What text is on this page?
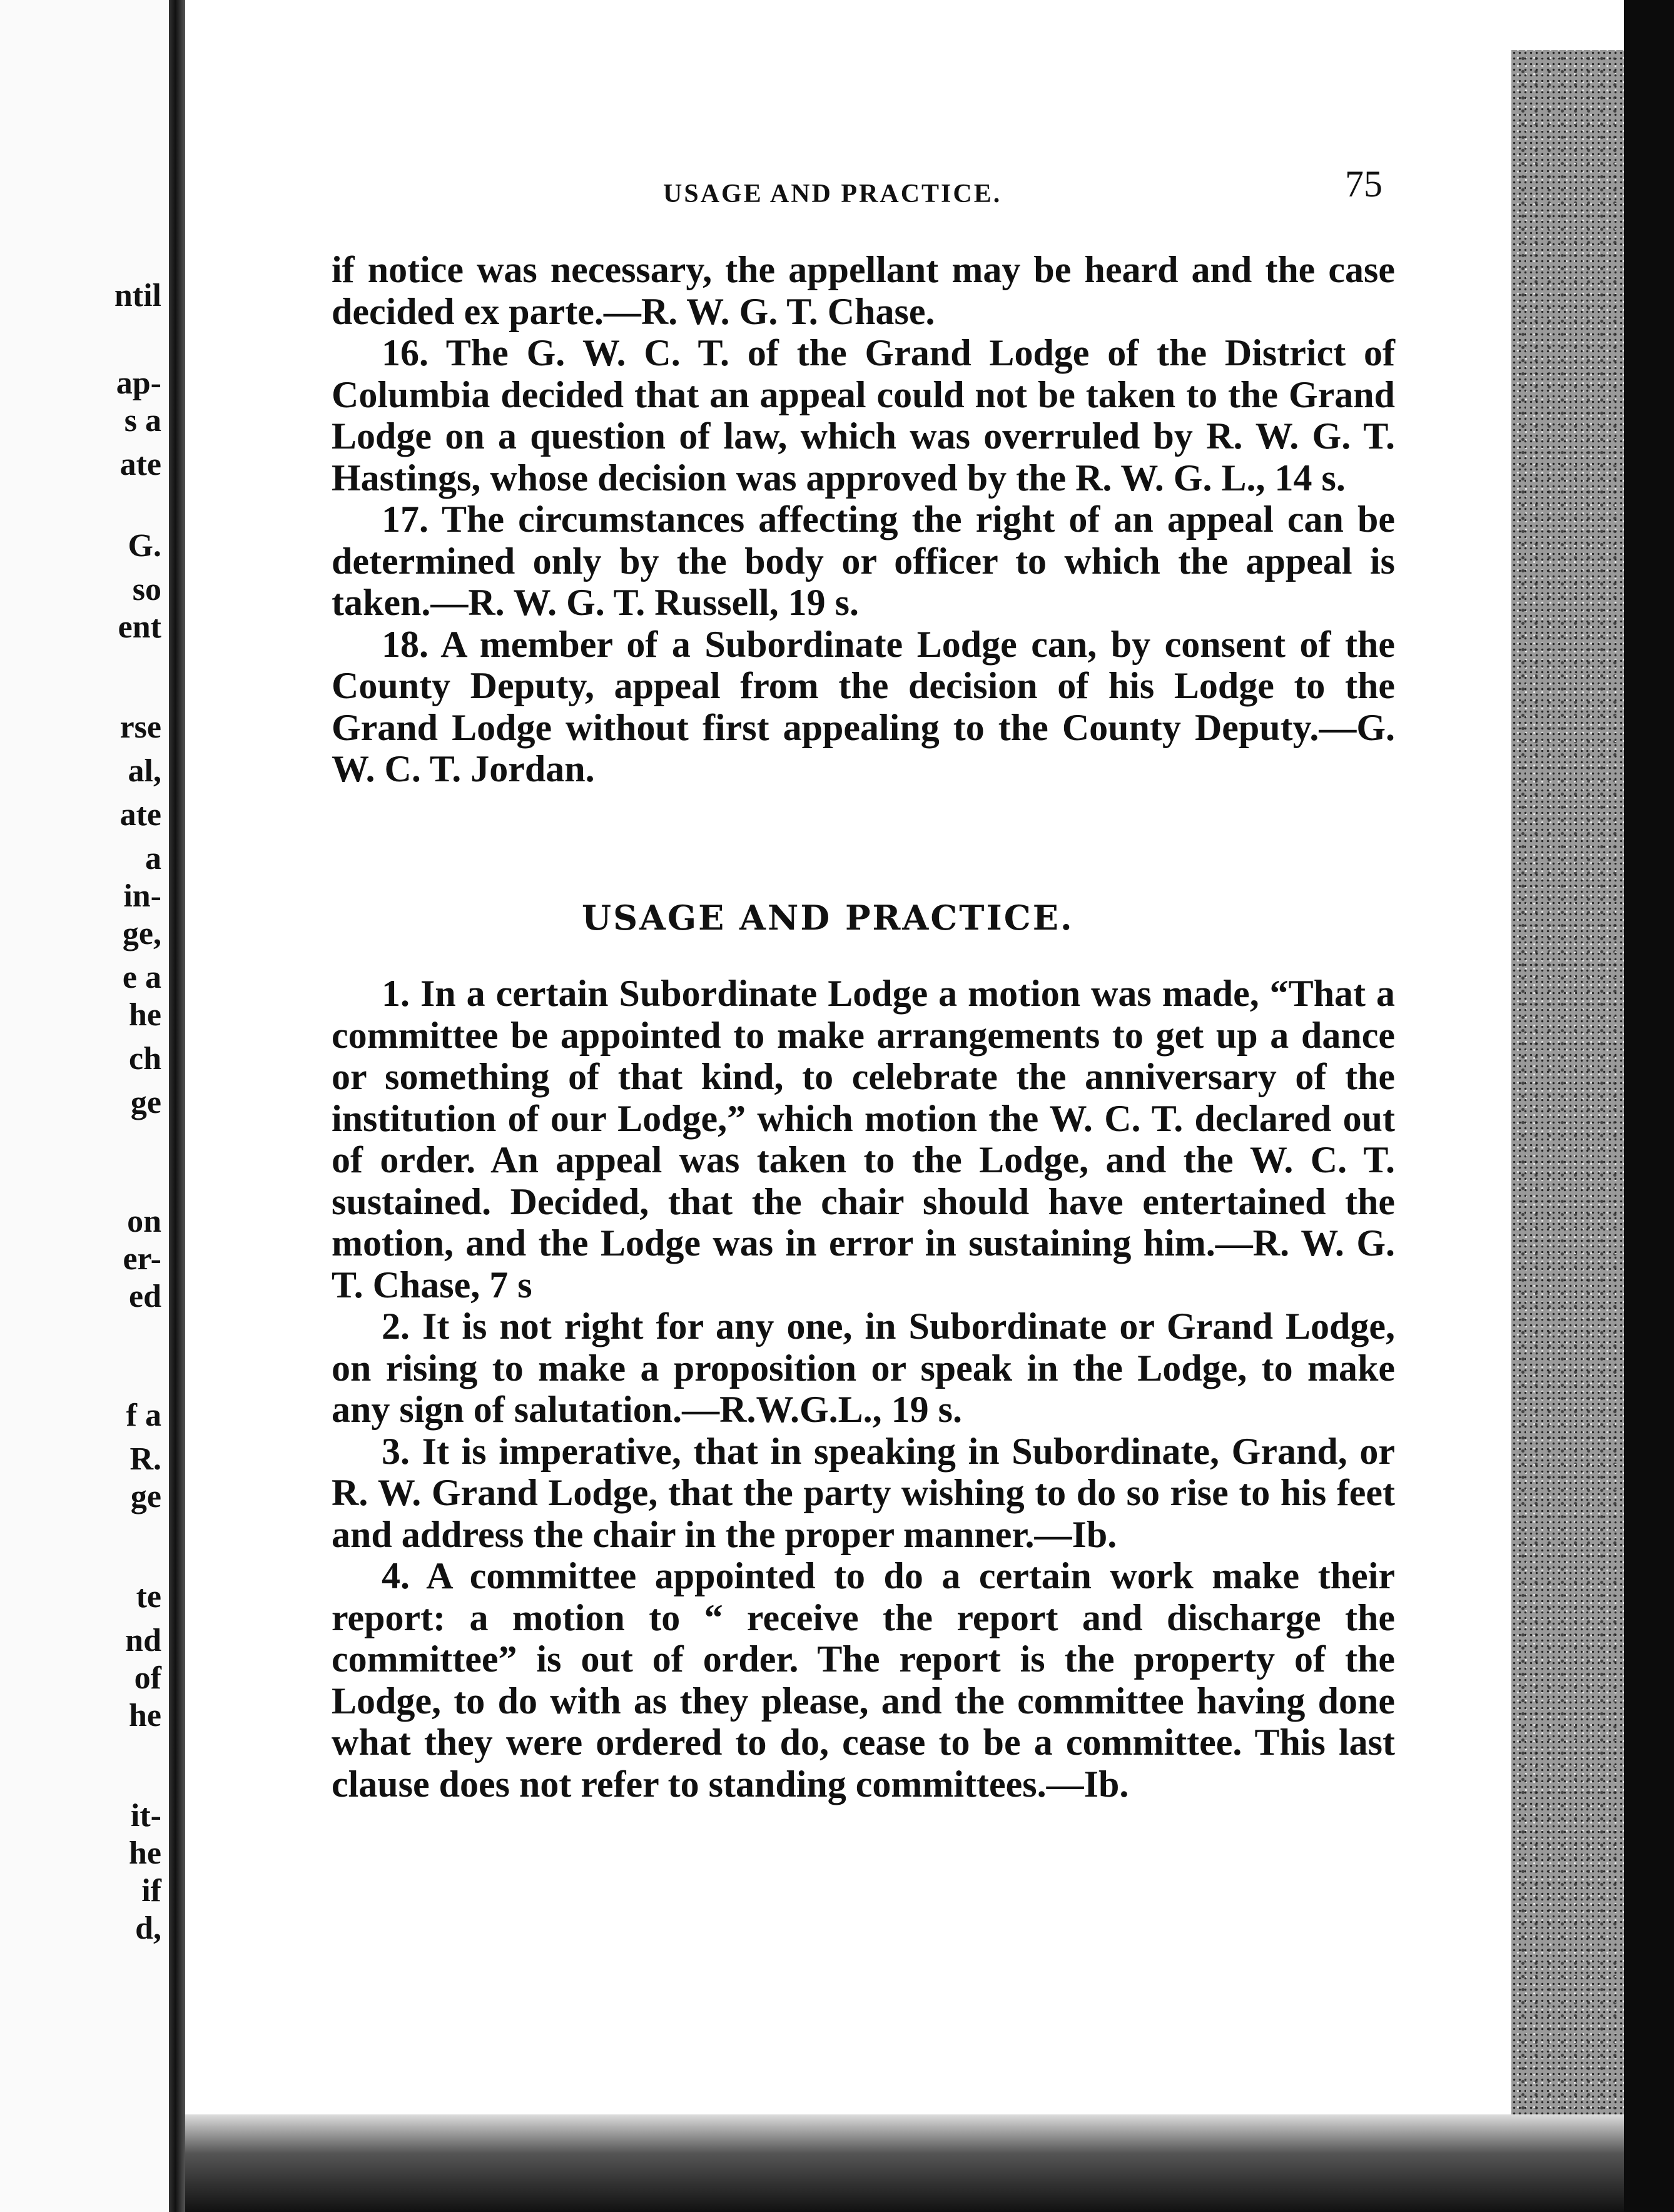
ntil
ap-
s a
ate
G.
so
ent
rse
al,
ate
a
in-
ge,
e a
he
ch
ge
on
er-
ed
f a
R.
ge
te
nd
of
he
it-
he
if
d,
USAGE AND PRACTICE.	75

if notice was necessary, the appellant may be heard and the case decided ex parte.—R. W. G. T. Chase.

16. The G. W. C. T. of the Grand Lodge of the District of Columbia decided that an appeal could not be taken to the Grand Lodge on a question of law, which was overruled by R. W. G. T. Hastings, whose decision was approved by the R. W. G. L., 14 s.

17. The circumstances affecting the right of an appeal can be determined only by the body or officer to which the appeal is taken.—R. W. G. T. Russell, 19 s.

18. A member of a Subordinate Lodge can, by consent of the County Deputy, appeal from the decision of his Lodge to the Grand Lodge without first appealing to the County Deputy.—G. W. C. T. Jordan.

USAGE AND PRACTICE.

1. In a certain Subordinate Lodge a motion was made, “That a committee be appointed to make arrangements to get up a dance or something of that kind, to celebrate the anniversary of the institution of our Lodge,” which motion the W. C. T. declared out of order. An appeal was taken to the Lodge, and the W. C. T. sustained. Decided, that the chair should have entertained the motion, and the Lodge was in error in sustaining him.—R. W. G. T. Chase, 7 s

2. It is not right for any one, in Subordinate or Grand Lodge, on rising to make a proposition or speak in the Lodge, to make any sign of salutation.—R.W.G.L., 19 s.

3. It is imperative, that in speaking in Subordinate, Grand, or R. W. Grand Lodge, that the party wishing to do so rise to his feet and address the chair in the proper manner.—Ib.

4. A committee appointed to do a certain work make their report: a motion to “ receive the report and discharge the committee” is out of order. The report is the property of the Lodge, to do with as they please, and the committee having done what they were ordered to do, cease to be a committee. This last clause does not refer to standing committees.—Ib.
